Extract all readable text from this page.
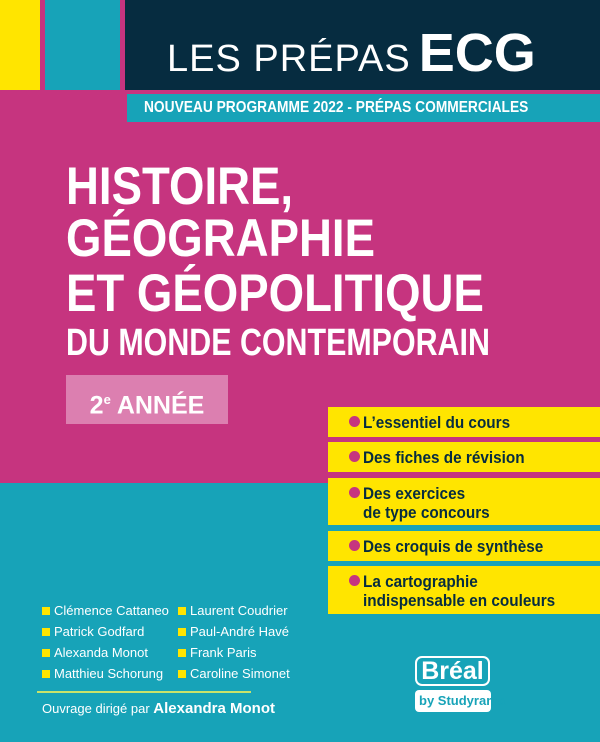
LES PRÉPAS ECG
NOUVEAU PROGRAMME 2022 - PRÉPAS COMMERCIALES
HISTOIRE,
GÉOGRAPHIE
ET GÉOPOLITIQUE
DU MONDE CONTEMPORAIN
2e ANNÉE
L’essentiel du cours
Des fiches de révision
Des exercices
de type concours
Des croquis de synthèse
La cartographie
indispensable en couleurs
Clémence Cattaneo	Laurent Coudrier
Patrick Godfard	Paul-André Havé
Alexanda Monot	Frank Paris
Matthieu Schorung	Caroline Simonet
Ouvrage dirigé par Alexandra Monot
Bréal
by Studyrama
